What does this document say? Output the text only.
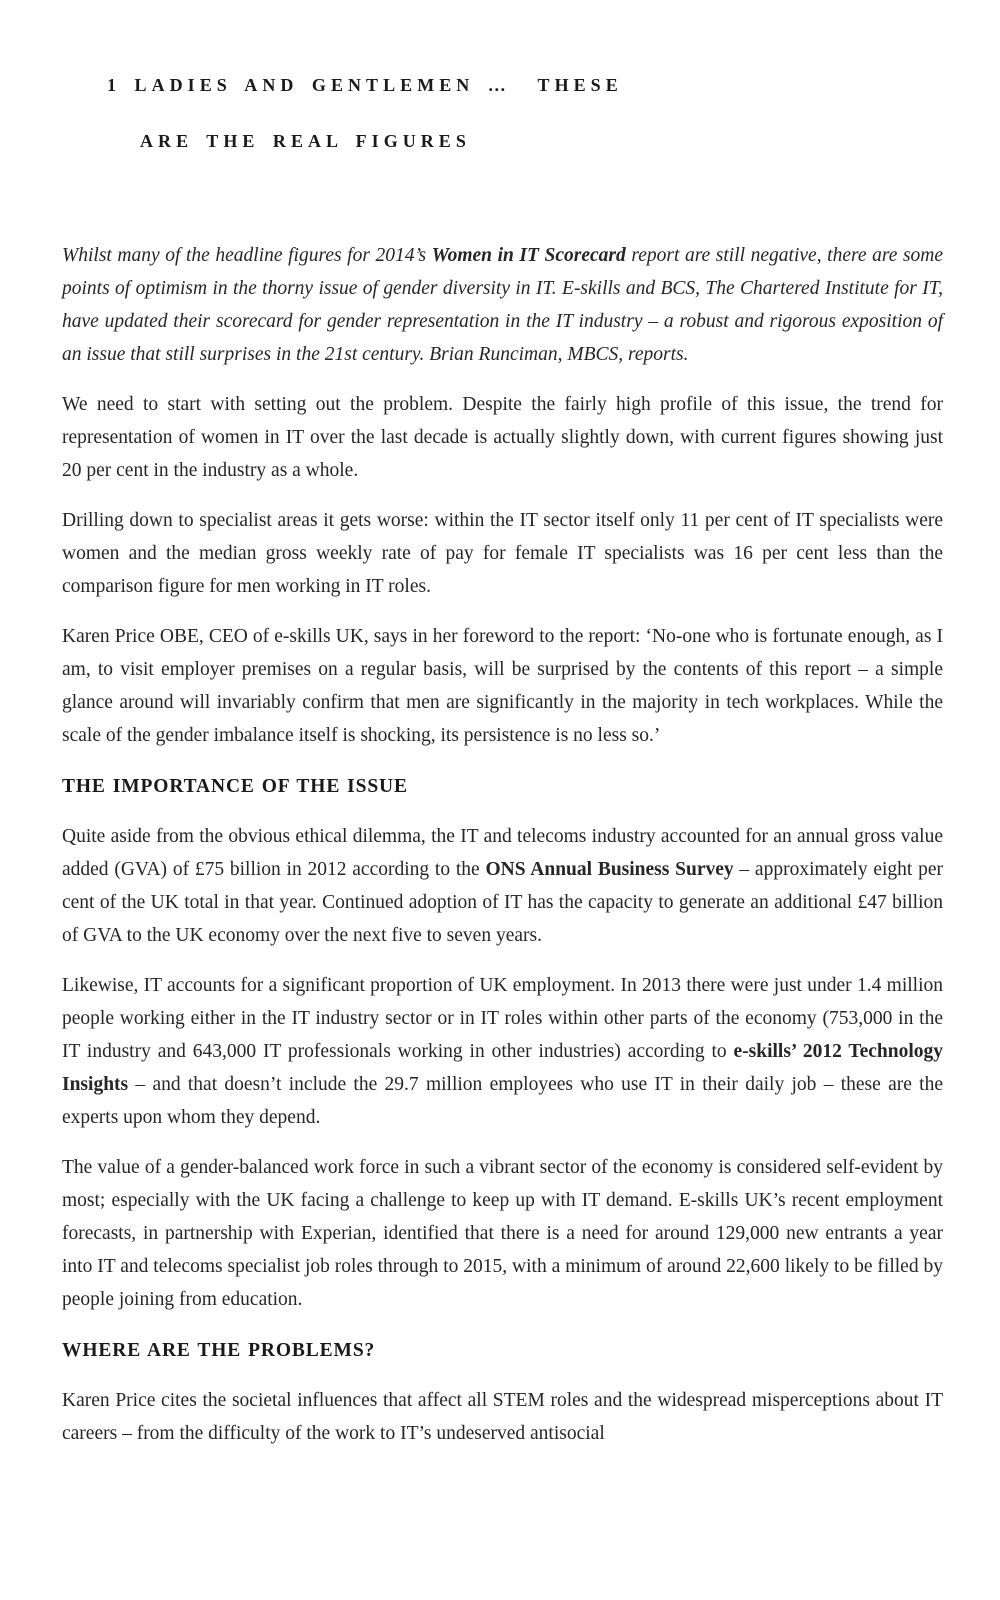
1 LADIES AND GENTLEMEN …  THESE
ARE THE REAL FIGURES

Whilst many of the headline figures for 2014’s Women in IT Scorecard report are still negative, there are some points of optimism in the thorny issue of gender diversity in IT. E-skills and BCS, The Chartered Institute for IT, have updated their scorecard for gender representation in the IT industry – a robust and rigorous exposition of an issue that still surprises in the 21st century. Brian Runciman, MBCS, reports.

We need to start with setting out the problem. Despite the fairly high profile of this issue, the trend for representation of women in IT over the last decade is actually slightly down, with current figures showing just 20 per cent in the industry as a whole.

Drilling down to specialist areas it gets worse: within the IT sector itself only 11 per cent of IT specialists were women and the median gross weekly rate of pay for female IT specialists was 16 per cent less than the comparison figure for men working in IT roles.

Karen Price OBE, CEO of e-skills UK, says in her foreword to the report: ‘No-one who is fortunate enough, as I am, to visit employer premises on a regular basis, will be surprised by the contents of this report – a simple glance around will invariably confirm that men are significantly in the majority in tech workplaces. While the scale of the gender imbalance itself is shocking, its persistence is no less so.’

THE IMPORTANCE OF THE ISSUE

Quite aside from the obvious ethical dilemma, the IT and telecoms industry accounted for an annual gross value added (GVA) of £75 billion in 2012 according to the ONS Annual Business Survey – approximately eight per cent of the UK total in that year. Continued adoption of IT has the capacity to generate an additional £47 billion of GVA to the UK economy over the next five to seven years.

Likewise, IT accounts for a significant proportion of UK employment. In 2013 there were just under 1.4 million people working either in the IT industry sector or in IT roles within other parts of the economy (753,000 in the IT industry and 643,000 IT professionals working in other industries) according to e-skills’ 2012 Technology Insights – and that doesn’t include the 29.7 million employees who use IT in their daily job – these are the experts upon whom they depend.

The value of a gender-balanced work force in such a vibrant sector of the economy is considered self-evident by most; especially with the UK facing a challenge to keep up with IT demand. E-skills UK’s recent employment forecasts, in partnership with Experian, identified that there is a need for around 129,000 new entrants a year into IT and telecoms specialist job roles through to 2015, with a minimum of around 22,600 likely to be filled by people joining from education.

WHERE ARE THE PROBLEMS?

Karen Price cites the societal influences that affect all STEM roles and the widespread misperceptions about IT careers – from the difficulty of the work to IT’s undeserved antisocial
